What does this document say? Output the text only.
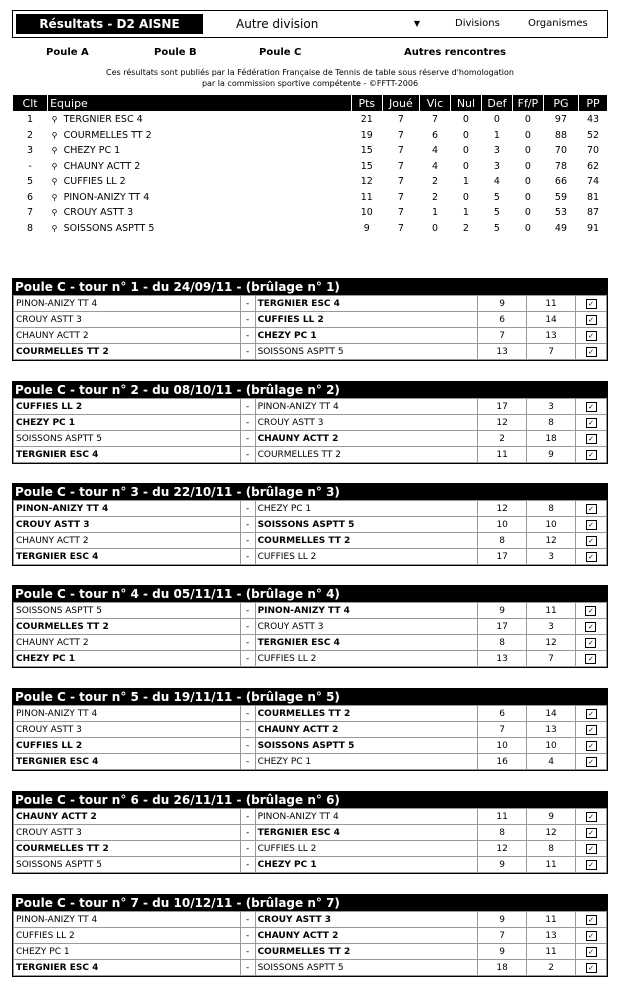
Résultats - D2 AISNE	Autre division	▼	Divisions	Organismes
Poule A	Poule B	Poule C	Autres rencontres
Ces résultats sont publiés par la Fédération Française de Tennis de table sous réserve d'homologation
par la commission sportive compétente - ©FFTT-2006
Clt	Equipe	Pts	Joué	Vic	Nul	Def	Ff/P	PG	PP
1	⚲ TERGNIER ESC 4	21	7	7	0	0	0	97	43
2	⚲ COURMELLES TT 2	19	7	6	0	1	0	88	52
3	⚲ CHEZY PC 1	15	7	4	0	3	0	70	70
-	⚲ CHAUNY ACTT 2	15	7	4	0	3	0	78	62
5	⚲ CUFFIES LL 2	12	7	2	1	4	0	66	74
6	⚲ PINON-ANIZY TT 4	11	7	2	0	5	0	59	81
7	⚲ CROUY ASTT 3	10	7	1	1	5	0	53	87
8	⚲ SOISSONS ASPTT 5	9	7	0	2	5	0	49	91
Poule C - tour n° 1 - du 24/09/11 - (brûlage n° 1)
PINON-ANIZY TT 4	-	TERGNIER ESC 4	9	11	✓
CROUY ASTT 3	-	CUFFIES LL 2	6	14	✓
CHAUNY ACTT 2	-	CHEZY PC 1	7	13	✓
COURMELLES TT 2	-	SOISSONS ASPTT 5	13	7	✓
Poule C - tour n° 2 - du 08/10/11 - (brûlage n° 2)
CUFFIES LL 2	-	PINON-ANIZY TT 4	17	3	✓
CHEZY PC 1	-	CROUY ASTT 3	12	8	✓
SOISSONS ASPTT 5	-	CHAUNY ACTT 2	2	18	✓
TERGNIER ESC 4	-	COURMELLES TT 2	11	9	✓
Poule C - tour n° 3 - du 22/10/11 - (brûlage n° 3)
PINON-ANIZY TT 4	-	CHEZY PC 1	12	8	✓
CROUY ASTT 3	-	SOISSONS ASPTT 5	10	10	✓
CHAUNY ACTT 2	-	COURMELLES TT 2	8	12	✓
TERGNIER ESC 4	-	CUFFIES LL 2	17	3	✓
Poule C - tour n° 4 - du 05/11/11 - (brûlage n° 4)
SOISSONS ASPTT 5	-	PINON-ANIZY TT 4	9	11	✓
COURMELLES TT 2	-	CROUY ASTT 3	17	3	✓
CHAUNY ACTT 2	-	TERGNIER ESC 4	8	12	✓
CHEZY PC 1	-	CUFFIES LL 2	13	7	✓
Poule C - tour n° 5 - du 19/11/11 - (brûlage n° 5)
PINON-ANIZY TT 4	-	COURMELLES TT 2	6	14	✓
CROUY ASTT 3	-	CHAUNY ACTT 2	7	13	✓
CUFFIES LL 2	-	SOISSONS ASPTT 5	10	10	✓
TERGNIER ESC 4	-	CHEZY PC 1	16	4	✓
Poule C - tour n° 6 - du 26/11/11 - (brûlage n° 6)
CHAUNY ACTT 2	-	PINON-ANIZY TT 4	11	9	✓
CROUY ASTT 3	-	TERGNIER ESC 4	8	12	✓
COURMELLES TT 2	-	CUFFIES LL 2	12	8	✓
SOISSONS ASPTT 5	-	CHEZY PC 1	9	11	✓
Poule C - tour n° 7 - du 10/12/11 - (brûlage n° 7)
PINON-ANIZY TT 4	-	CROUY ASTT 3	9	11	✓
CUFFIES LL 2	-	CHAUNY ACTT 2	7	13	✓
CHEZY PC 1	-	COURMELLES TT 2	9	11	✓
TERGNIER ESC 4	-	SOISSONS ASPTT 5	18	2	✓
